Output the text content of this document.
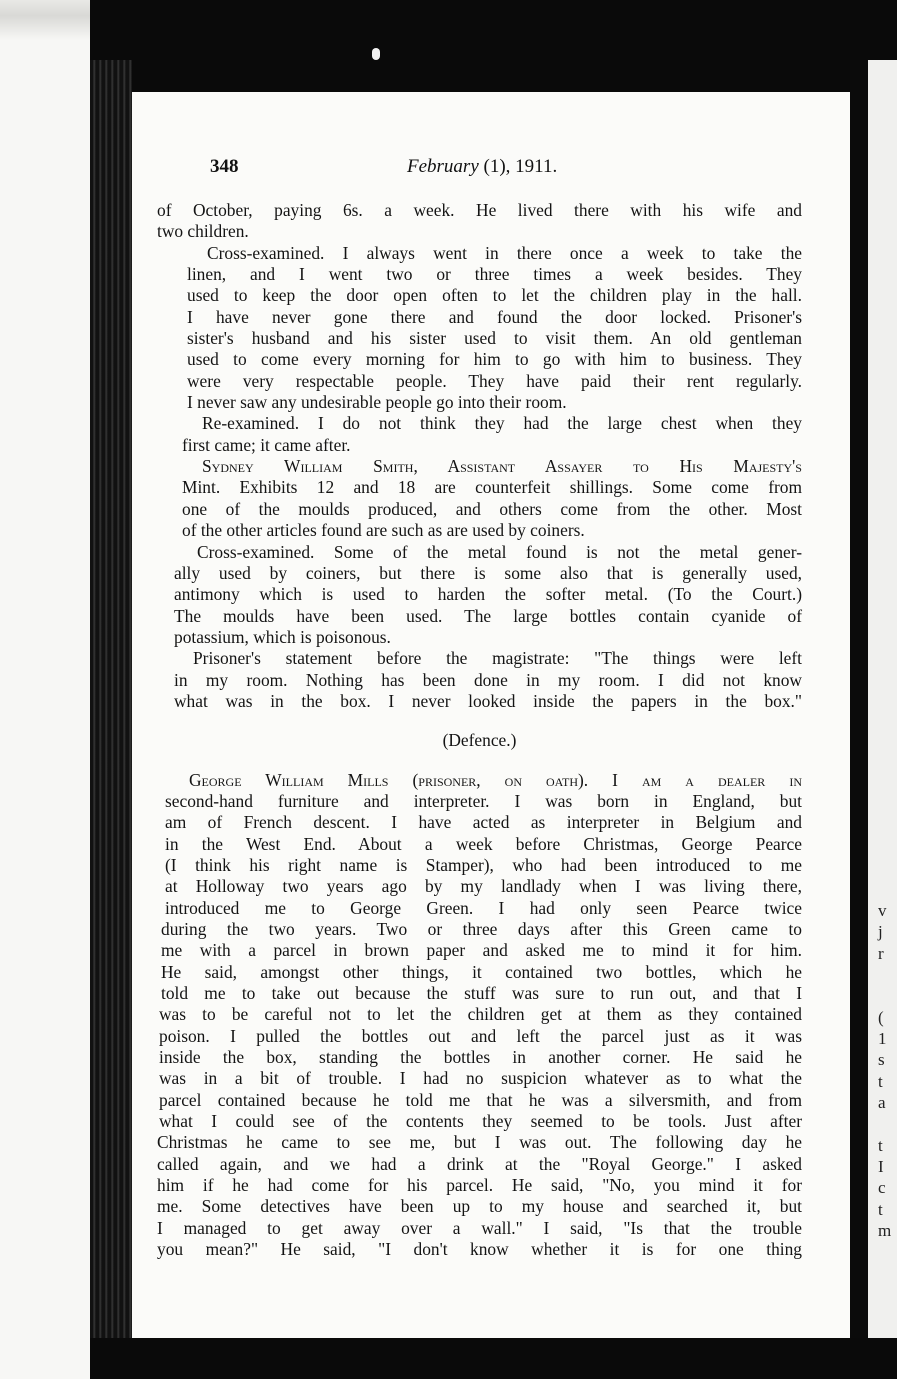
348	February (1), 1911.
of October, paying 6s. a week. He lived there with his wife and
two children.
Cross-examined. I always went in there once a week to take the
linen, and I went two or three times a week besides. They
used to keep the door open often to let the children play in the hall.
I have never gone there and found the door locked. Prisoner's
sister's husband and his sister used to visit them. An old gentleman
used to come every morning for him to go with him to business. They
were very respectable people. They have paid their rent regularly.
I never saw any undesirable people go into their room.
Re-examined. I do not think they had the large chest when they
first came; it came after.
Sydney William Smith, Assistant Assayer to His Majesty's
Mint. Exhibits 12 and 18 are counterfeit shillings. Some come from
one of the moulds produced, and others come from the other. Most
of the other articles found are such as are used by coiners.
Cross-examined. Some of the metal found is not the metal gener-
ally used by coiners, but there is some also that is generally used,
antimony which is used to harden the softer metal. (To the Court.)
The moulds have been used. The large bottles contain cyanide of
potassium, which is poisonous.
Prisoner's statement before the magistrate: "The things were left
in my room. Nothing has been done in my room. I did not know
what was in the box. I never looked inside the papers in the box."
(Defence.)
George William Mills (prisoner, on oath). I am a dealer in
second-hand furniture and interpreter. I was born in England, but
am of French descent. I have acted as interpreter in Belgium and
in the West End. About a week before Christmas, George Pearce
(I think his right name is Stamper), who had been introduced to me
at Holloway two years ago by my landlady when I was living there,
introduced me to George Green. I had only seen Pearce twice
during the two years. Two or three days after this Green came to
me with a parcel in brown paper and asked me to mind it for him.
He said, amongst other things, it contained two bottles, which he
told me to take out because the stuff was sure to run out, and that I
was to be careful not to let the children get at them as they contained
poison. I pulled the bottles out and left the parcel just as it was
inside the box, standing the bottles in another corner. He said he
was in a bit of trouble. I had no suspicion whatever as to what the
parcel contained because he told me that he was a silversmith, and from
what I could see of the contents they seemed to be tools. Just after
Christmas he came to see me, but I was out. The following day he
called again, and we had a drink at the "Royal George." I asked
him if he had come for his parcel. He said, "No, you mind it for
me. Some detectives have been up to my house and searched it, but
I managed to get away over a wall." I said, "Is that the trouble
you mean?" He said, "I don't know whether it is for one thing
v
j
r
(
1
s
t
a
t
I
c
t
m
